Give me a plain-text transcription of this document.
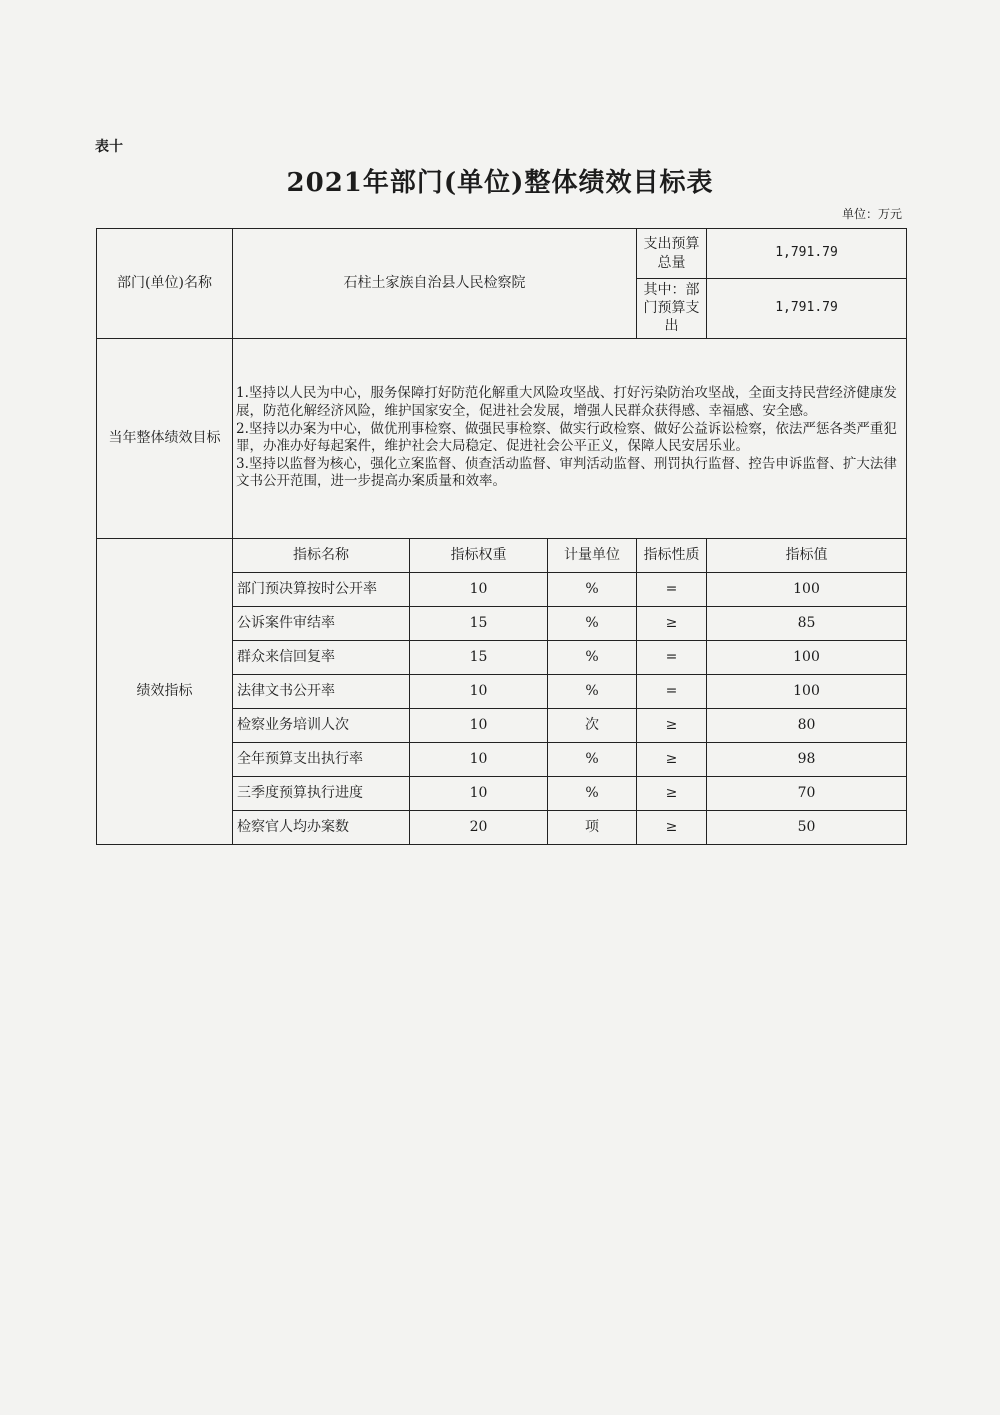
表十
2021年部门(单位)整体绩效目标表
单位：万元
部门(单位)名称	石柱土家族自治县人民检察院			支出预算总量	1,791.79
				其中：部门预算支出	1,791.79
当年整体绩效目标	1.坚持以人民为中心，服务保障打好防范化解重大风险攻坚战、打好污染防治攻坚战，全面支持民营经济健康发展，防范化解经济风险，维护国家安全，促进社会发展，增强人民群众获得感、幸福感、安全感。
2.坚持以办案为中心，做优刑事检察、做强民事检察、做实行政检察、做好公益诉讼检察，依法严惩各类严重犯罪，办准办好每起案件，维护社会大局稳定、促进社会公平正义，保障人民安居乐业。
3.坚持以监督为核心，强化立案监督、侦查活动监督、审判活动监督、刑罚执行监督、控告申诉监督、扩大法律文书公开范围，进一步提高办案质量和效率。				

绩效指标	指标名称	指标权重	计量单位	指标性质	指标值
	部门预决算按时公开率	10	%	=	100
	公诉案件审结率	15	%	≥	85
	群众来信回复率	15	%	=	100
	法律文书公开率	10	%	=	100
	检察业务培训人次	10	次	≥	80
	全年预算支出执行率	10	%	≥	98
	三季度预算执行进度	10	%	≥	70
	检察官人均办案数	20	项	≥	50
